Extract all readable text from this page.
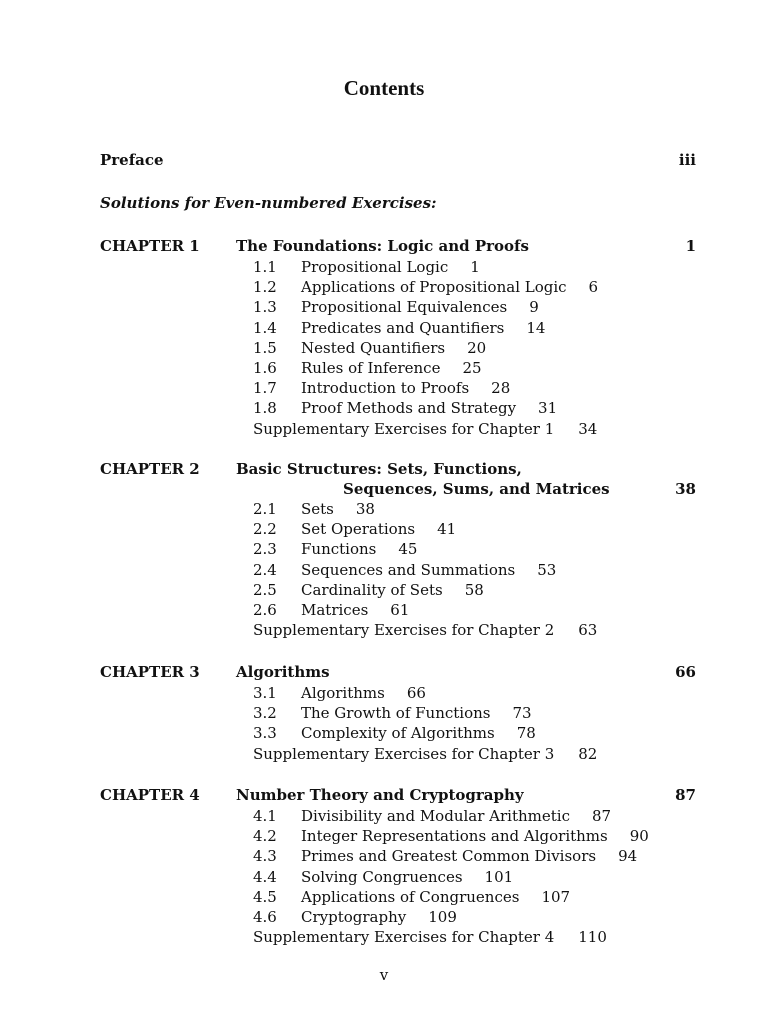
Contents
Preface	iii
Solutions for Even-numbered Exercises:
CHAPTER 1 The Foundations: Logic and Proofs	1
1.1	Propositional Logic 1
1.2	Applications of Propositional Logic 6
1.3	Propositional Equivalences 9
1.4	Predicates and Quantifiers 14
1.5	Nested Quantifiers 20
1.6	Rules of Inference 25
1.7	Introduction to Proofs 28
1.8	Proof Methods and Strategy 31
Supplementary Exercises for Chapter 1 34
CHAPTER 2 Basic Structures: Sets, Functions,
Sequences, Sums, and Matrices	38
2.1	Sets 38
2.2	Set Operations 41
2.3	Functions 45
2.4	Sequences and Summations 53
2.5	Cardinality of Sets 58
2.6	Matrices 61
Supplementary Exercises for Chapter 2 63
CHAPTER 3 Algorithms	66
3.1	Algorithms 66
3.2	The Growth of Functions 73
3.3	Complexity of Algorithms 78
Supplementary Exercises for Chapter 3 82
CHAPTER 4 Number Theory and Cryptography	87
4.1	Divisibility and Modular Arithmetic 87
4.2	Integer Representations and Algorithms 90
4.3	Primes and Greatest Common Divisors 94
4.4	Solving Congruences 101
4.5	Applications of Congruences 107
4.6	Cryptography 109
Supplementary Exercises for Chapter 4 110
v
